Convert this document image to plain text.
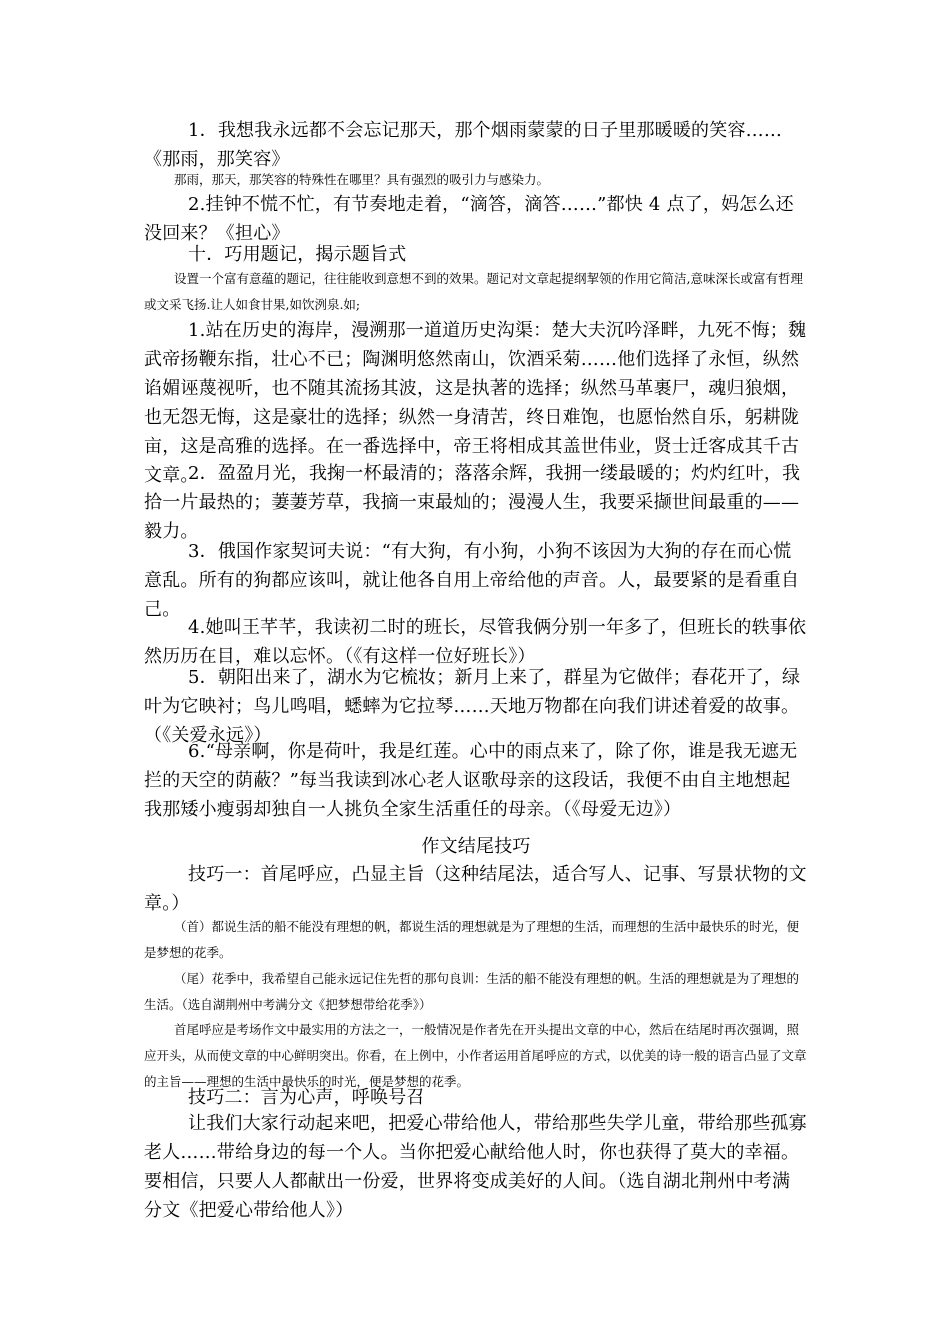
1．我想我永远都不会忘记那天，那个烟雨蒙蒙的日子里那暖暖的笑容……《那雨，那笑容》

那雨，那天，那笑容的特殊性在哪里？具有强烈的吸引力与感染力。

2.挂钟不慌不忙，有节奏地走着，“滴答，滴答……”都快 4 点了，妈怎么还没回来？《担心》

十．巧用题记，揭示题旨式

设置一个富有意蕴的题记，往往能收到意想不到的效果。题记对文章起提纲挈领的作用它简洁,意味深长或富有哲理或文采飞扬.让人如食甘果,如饮洌泉.如;

1.站在历史的海岸，漫溯那一道道历史沟渠：楚大夫沉吟泽畔，九死不悔；魏武帝扬鞭东指，壮心不已；陶渊明悠然南山，饮酒采菊……他们选择了永恒，纵然谄媚诬蔑视听，也不随其流扬其波，这是执著的选择；纵然马革裹尸，魂归狼烟，也无怨无悔，这是豪壮的选择；纵然一身清苦，终日难饱，也愿怡然自乐，躬耕陇亩，这是高雅的选择。在一番选择中，帝王将相成其盖世伟业，贤士迁客成其千古文章。

2．盈盈月光，我掬一杯最清的；落落余辉，我拥一缕最暖的；灼灼红叶，我拾一片最热的；萋萋芳草，我摘一束最灿的；漫漫人生，我要采撷世间最重的——毅力。

3．俄国作家契诃夫说：“有大狗，有小狗，小狗不该因为大狗的存在而心慌意乱。所有的狗都应该叫，就让他各自用上帝给他的声音。人，最要紧的是看重自己。

4.她叫王芊芊，我读初二时的班长，尽管我俩分别一年多了，但班长的轶事依然历历在目，难以忘怀。（《有这样一位好班长》）

5．朝阳出来了，湖水为它梳妆；新月上来了，群星为它做伴；春花开了，绿叶为它映衬；鸟儿鸣唱，蟋蟀为它拉琴……天地万物都在向我们讲述着爱的故事。（《关爱永远》）

6.“母亲啊，你是荷叶，我是红莲。心中的雨点来了，除了你，谁是我无遮无拦的天空的荫蔽？”每当我读到冰心老人讴歌母亲的这段话，我便不由自主地想起我那矮小瘦弱却独自一人挑负全家生活重任的母亲。（《母爱无边》）

作文结尾技巧

技巧一：首尾呼应，凸显主旨（这种结尾法，适合写人、记事、写景状物的文章。）

（首）都说生活的船不能没有理想的帆，都说生活的理想就是为了理想的生活，而理想的生活中最快乐的时光，便是梦想的花季。

（尾）花季中，我希望自己能永远记住先哲的那句良训：生活的船不能没有理想的帆。生活的理想就是为了理想的生活。（选自湖荆州中考满分文《把梦想带给花季》）

首尾呼应是考场作文中最实用的方法之一，一般情况是作者先在开头提出文章的中心，然后在结尾时再次强调，照应开头，从而使文章的中心鲜明突出。你看，在上例中，小作者运用首尾呼应的方式，以优美的诗一般的语言凸显了文章的主旨——理想的生活中最快乐的时光，便是梦想的花季。

技巧二：言为心声，呼唤号召

让我们大家行动起来吧，把爱心带给他人，带给那些失学儿童，带给那些孤寡老人……带给身边的每一个人。当你把爱心献给他人时，你也获得了莫大的幸福。要相信，只要人人都献出一份爱，世界将变成美好的人间。（选自湖北荆州中考满分文《把爱心带给他人》）
